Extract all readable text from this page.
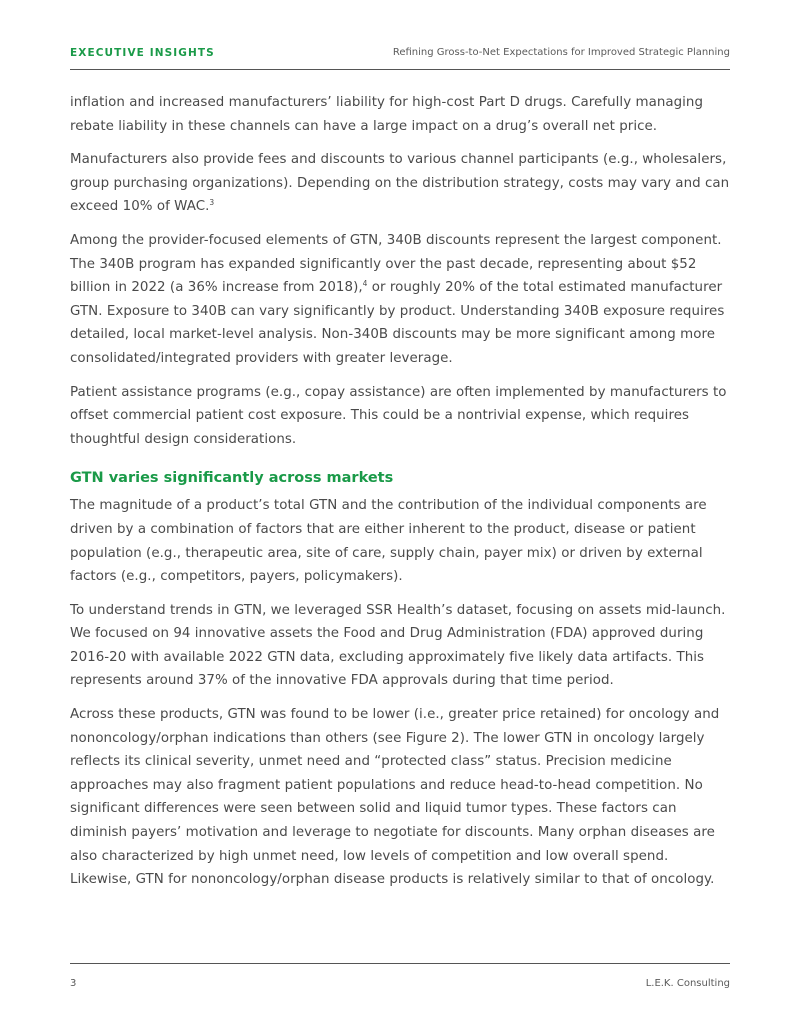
EXECUTIVE INSIGHTS	Refining Gross-to-Net Expectations for Improved Strategic Planning

inflation and increased manufacturers’ liability for high-cost Part D drugs. Carefully managing rebate liability in these channels can have a large impact on a drug’s overall net price.

Manufacturers also provide fees and discounts to various channel participants (e.g., wholesalers, group purchasing organizations). Depending on the distribution strategy, costs may vary and can exceed 10% of WAC.$^3$

Among the provider-focused elements of GTN, 340B discounts represent the largest component. The 340B program has expanded significantly over the past decade, representing about $52 billion in 2022 (a 36% increase from 2018),$^4$ or roughly 20% of the total estimated manufacturer GTN. Exposure to 340B can vary significantly by product. Understanding 340B exposure requires detailed, local market-level analysis. Non-340B discounts may be more significant among more consolidated/integrated providers with greater leverage.

Patient assistance programs (e.g., copay assistance) are often implemented by manufacturers to offset commercial patient cost exposure. This could be a nontrivial expense, which requires thoughtful design considerations.

GTN varies significantly across markets

The magnitude of a product’s total GTN and the contribution of the individual components are driven by a combination of factors that are either inherent to the product, disease or patient population (e.g., therapeutic area, site of care, supply chain, payer mix) or driven by external factors (e.g., competitors, payers, policymakers).

To understand trends in GTN, we leveraged SSR Health’s dataset, focusing on assets mid-launch. We focused on 94 innovative assets the Food and Drug Administration (FDA) approved during 2016-20 with available 2022 GTN data, excluding approximately five likely data artifacts. This represents around 37% of the innovative FDA approvals during that time period.

Across these products, GTN was found to be lower (i.e., greater price retained) for oncology and nononcology/orphan indications than others (see Figure 2). The lower GTN in oncology largely reflects its clinical severity, unmet need and “protected class” status. Precision medicine approaches may also fragment patient populations and reduce head-to-head competition. No significant differences were seen between solid and liquid tumor types. These factors can diminish payers’ motivation and leverage to negotiate for discounts. Many orphan diseases are also characterized by high unmet need, low levels of competition and low overall spend. Likewise, GTN for nononcology/orphan disease products is relatively similar to that of oncology.

3	L.E.K. Consulting
